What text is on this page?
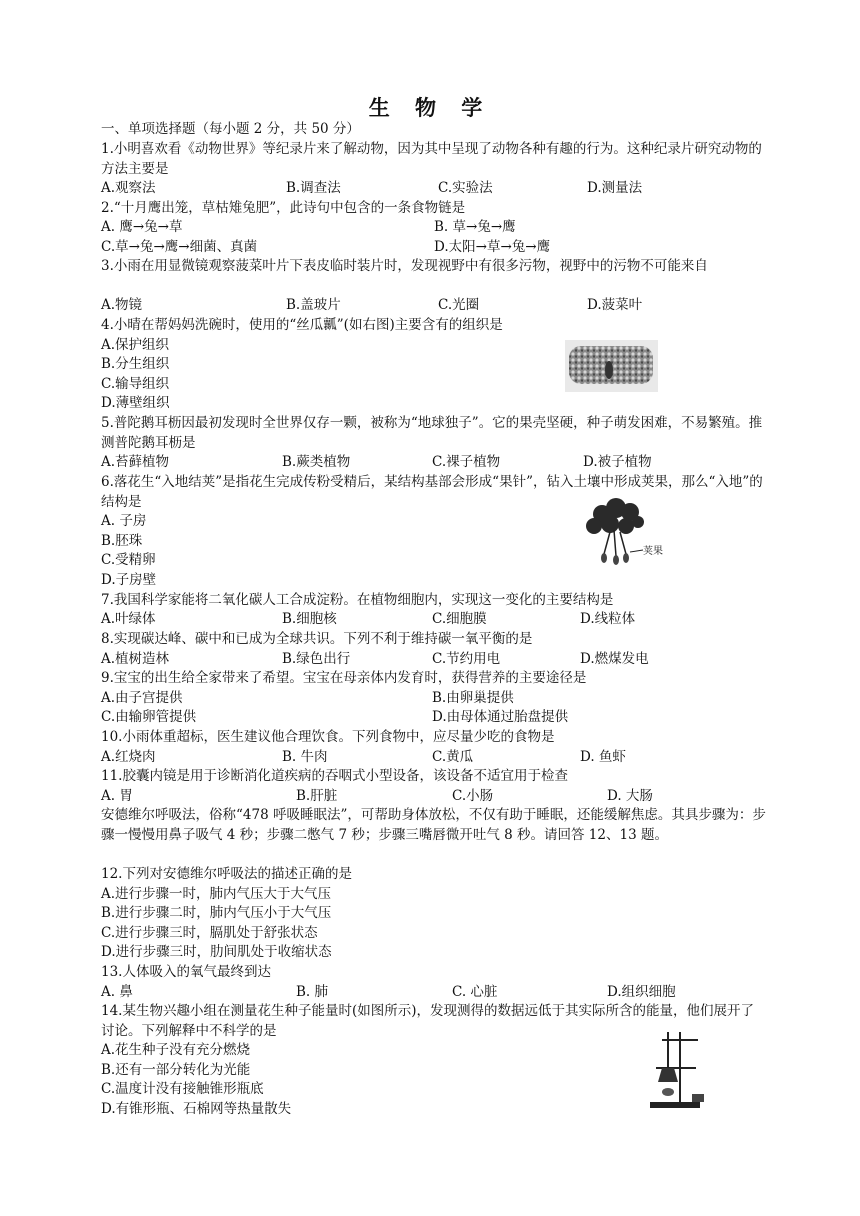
生 物 学
一、单项选择题（每小题 2 分，共 50 分）
1.小明喜欢看《动物世界》等纪录片来了解动物，因为其中呈现了动物各种有趣的行为。这种纪录片研究动物的方法主要是
A.观察法	B.调查法	C.实验法	D.测量法
2.“十月鹰出笼，草枯雉兔肥”，此诗句中包含的一条食物链是
A. 鹰→兔→草	B. 草→兔→鹰
C.草→兔→鹰→细菌、真菌	D.太阳→草→兔→鹰
3.小雨在用显微镜观察菠菜叶片下表皮临时装片时，发现视野中有很多污物，视野中的污物不可能来自
A.物镜	B.盖玻片	C.光圈	D.菠菜叶
4.小晴在帮妈妈洗碗时，使用的“丝瓜瓤”(如右图)主要含有的组织是
A.保护组织
B.分生组织
C.输导组织
D.薄壁组织
5.普陀鹅耳枥因最初发现时全世界仅存一颗，被称为“地球独子”。它的果壳坚硬，种子萌发困难，不易繁殖。推测普陀鹅耳枥是
A.苔藓植物	B.蕨类植物	C.裸子植物	D.被子植物
6.落花生“入地结荚”是指花生完成传粉受精后，某结构基部会形成“果针”，钻入土壤中形成荚果，那么“入地”的结构是
A. 子房
B.胚珠
C.受精卵
D.子房壁
荚果
7.我国科学家能将二氧化碳人工合成淀粉。在植物细胞内，实现这一变化的主要结构是
A.叶绿体	B.细胞核	C.细胞膜	D.线粒体
8.实现碳达峰、碳中和已成为全球共识。下列不利于维持碳一氧平衡的是
A.植树造林	B.绿色出行	C.节约用电	D.燃煤发电
9.宝宝的出生给全家带来了希望。宝宝在母亲体内发育时，获得营养的主要途径是
A.由子宫提供	B.由卵巢提供
C.由输卵管提供	D.由母体通过胎盘提供
10.小雨体重超标，医生建议他合理饮食。下列食物中，应尽量少吃的食物是
A.红烧肉	B. 牛肉	C.黄瓜	D. 鱼虾
11.胶囊内镜是用于诊断消化道疾病的吞咽式小型设备，该设备不适宜用于检查
A. 胃	B.肝脏	C.小肠	D. 大肠
安德维尔呼吸法，俗称“478 呼吸睡眠法”，可帮助身体放松，不仅有助于睡眠，还能缓解焦虑。其具步骤为：步骤一慢慢用鼻子吸气 4 秒；步骤二憋气 7 秒；步骤三嘴唇微开吐气 8 秒。请回答 12、13 题。
12.下列对安德维尔呼吸法的描述正确的是
A.进行步骤一时，肺内气压大于大气压
B.进行步骤二时，肺内气压小于大气压
C.进行步骤三时，膈肌处于舒张状态
D.进行步骤三时，肋间肌处于收缩状态
13.人体吸入的氧气最终到达
A. 鼻	B. 肺	C. 心脏	D.组织细胞
14.某生物兴趣小组在测量花生种子能量时(如图所示)，发现测得的数据远低于其实际所含的能量，他们展开了讨论。下列解释中不科学的是
A.花生种子没有充分燃烧
B.还有一部分转化为光能
C.温度计没有接触锥形瓶底
D.有锥形瓶、石棉网等热量散失
